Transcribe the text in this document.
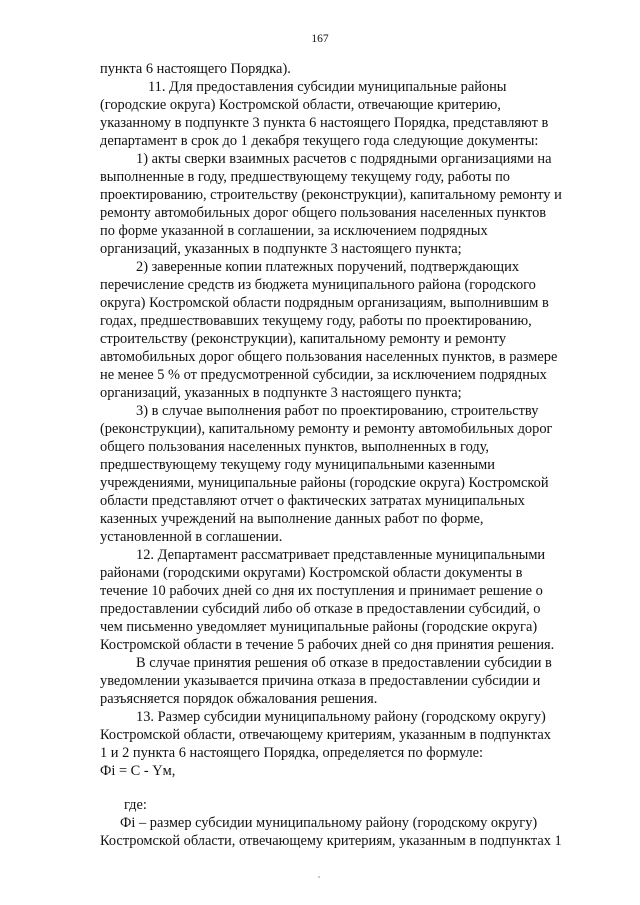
167

пункта 6 настоящего Порядка).

11. Для предоставления субсидии муниципальные районы

(городские округа) Костромской области, отвечающие критерию,

указанному в подпункте 3 пункта 6 настоящего Порядка, представляют в

департамент в срок до 1 декабря текущего года следующие документы:

1) акты сверки взаимных расчетов с подрядными организациями на

выполненные в году, предшествующему текущему году, работы по

проектированию, строительству (реконструкции), капитальному ремонту и

ремонту автомобильных дорог общего пользования населенных пунктов

по форме указанной в соглашении, за исключением подрядных

организаций, указанных в подпункте 3 настоящего пункта;

2) заверенные копии платежных поручений, подтверждающих

перечисление средств из бюджета муниципального района (городского

округа) Костромской области подрядным организациям, выполнившим в

годах, предшествовавших текущему году, работы по проектированию,

строительству (реконструкции), капитальному ремонту и ремонту

автомобильных дорог общего пользования населенных пунктов, в размере

не менее 5 % от предусмотренной субсидии, за исключением подрядных

организаций, указанных в подпункте 3 настоящего пункта;

3) в случае выполнения работ по проектированию, строительству

(реконструкции), капитальному ремонту и ремонту автомобильных дорог

общего пользования населенных пунктов, выполненных в году,

предшествующему текущему году муниципальными казенными

учреждениями, муниципальные районы (городские округа) Костромской

области представляют отчет о фактических затратах муниципальных

казенных учреждений на выполнение данных работ по форме,

установленной в соглашении.

12. Департамент рассматривает представленные муниципальными

районами (городскими округами) Костромской области документы в

течение 10 рабочих дней со дня их поступления и принимает решение о

предоставлении субсидий либо об отказе в предоставлении субсидий, о

чем письменно уведомляет муниципальные районы (городские округа)

Костромской области в течение 5 рабочих дней со дня принятия решения.

В случае принятия решения об отказе в предоставлении субсидии в

уведомлении указывается причина отказа в предоставлении субсидии и

разъясняется порядок обжалования решения.

13. Размер субсидии муниципальному району (городскому округу)

Костромской области, отвечающему критериям, указанным в подпунктах

1 и 2 пункта 6 настоящего Порядка, определяется по формуле:

Фi = С - Yм,

где:

Фi – размер субсидии муниципальному району (городскому округу)

Костромской области, отвечающему критериям, указанным в подпунктах 1
